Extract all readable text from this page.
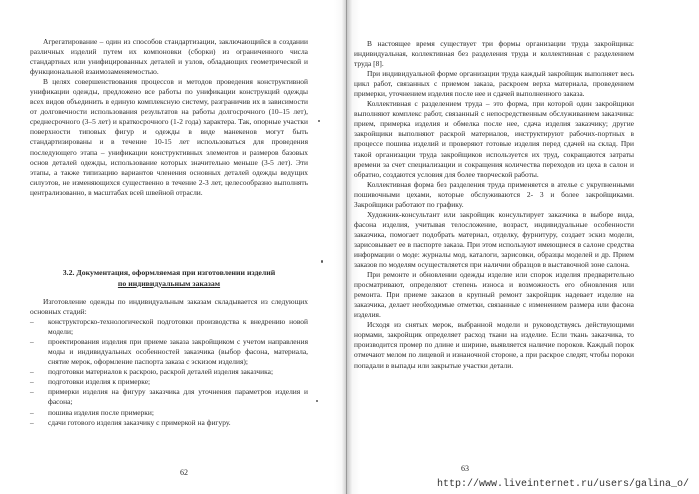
Агрегатирование – один из способов стандартизации, заключающийся в создании различных изделий путем их компоновки (сборки) из ограниченного числа стандартных или унифицированных деталей и узлов, обладающих геометрической и функциональной взаимозаменяемостью.

В целях совершенствования процессов и методов проведения конструктивной унификации одежды, предложено все работы по унификации конструкций одежды всех видов объединить в единую комплексную систему, разграничив их в зависимости от долговечности использования результатов на работы долгосрочного (10–15 лет), среднесрочного (3–5 лет) и краткосрочного (1-2 года) характера. Так, опорные участки поверхности типовых фигур и одежды в виде манекенов могут быть стандартизированы и в течение 10-15 лет использоваться для проведения последующего этапа – унификации конструктивных элементов и размеров базовых основ деталей одежды, использование которых значительно меньше (3-5 лет). Эти этапы, а также типизацию вариантов членения основных деталей одежды ведущих силуэтов, не изменяющихся существенно в течение 2-3 лет, целесообразно выполнять централизованно, в масштабах всей швейной отрасли.

3.2. Документация, оформляемая при изготовлении изделий
по индивидуальным заказам

Изготовление одежды по индивидуальным заказам складывается из следующих основных стадий:

– конструкторско-технологической подготовки производства к внедрению новой модели;
– проектирования изделия при приеме заказа закройщиком с учетом направления моды и индивидуальных особенностей заказчика (выбор фасона, материала, снятие мерок, оформление паспорта заказа с эскизом изделия);
– подготовки материалов к раскрою, раскрой деталей изделия заказчика;
– подготовки изделия к примерке;
– примерки изделия на фигуру заказчика для уточнения параметров изделия и фасона;
– пошива изделия после примерки;
– сдачи готового изделия заказчику с примеркой на фигуру.
62

В настоящее время существует три формы организации труда закройщика: индивидуальная, коллективная без разделения труда и коллективная с разделением труда [8].

При индивидуальной форме организации труда каждый закройщик выполняет весь цикл работ, связанных с приемом заказа, раскроем верха материала, проведением примерки, уточнением изделия после нее и сдачей выполненного заказа.

Коллективная с разделением труда – это форма, при которой один закройщики выполняют комплекс работ, связанный с непосредственным обслуживанием заказчика: прием, примерка изделия и обмелка после нее, сдача изделия заказчику; другие закройщики выполняют раскрой материалов, инструктируют рабочих-портных в процессе пошива изделий и проверяют готовые изделия перед сдачей на склад. При такой организации труда закройщиков используется их труд, сокращаются затраты времени за счет специализации и сокращения количества переходов из цеха в салон и обратно, создаются условия для более творческой работы.

Коллективная форма без разделения труда применяется в ателье с укрупненными пошивочными цехами, которые обслуживаются 2- 3 и более закройщиками. Закройщики работают по графику.

Художник-консультант или закройщик консультирует заказчика в выборе вида, фасона изделия, учитывая телосложение, возраст, индивидуальные особенности заказчика, помогает подобрать материал, отделку, фурнитуру, создает эскиз модели, зарисовывает ее в паспорте заказа. При этом используют имеющиеся в салоне средства информации о моде: журналы мод, каталоги, зарисовки, образцы моделей и др. Прием заказов по моделям осуществляется при наличии образцов в выставочной зоне салона.

При ремонте и обновлении одежды изделие или спорок изделия предварительно просматривают, определяют степень износа и возможность его обновления или ремонта. При приеме заказов в крупный ремонт закройщик надевает изделие на заказчика, делает необходимые отметки, связанные с изменением размера или фасона изделия.

Исходя из снятых мерок, выбранной модели и руководствуясь действующими нормами, закройщик определяет расход ткани на изделие. Если ткань заказчика, то производится промер по длине и ширине, выявляется наличие пороков. Каждый порок отмечают мелом по лицевой и изнаночной стороне, а при раскрое следят, чтобы пороки попадали в выпады или закрытые участки детали.

63
http://www.liveinternet.ru/users/galina_o/
